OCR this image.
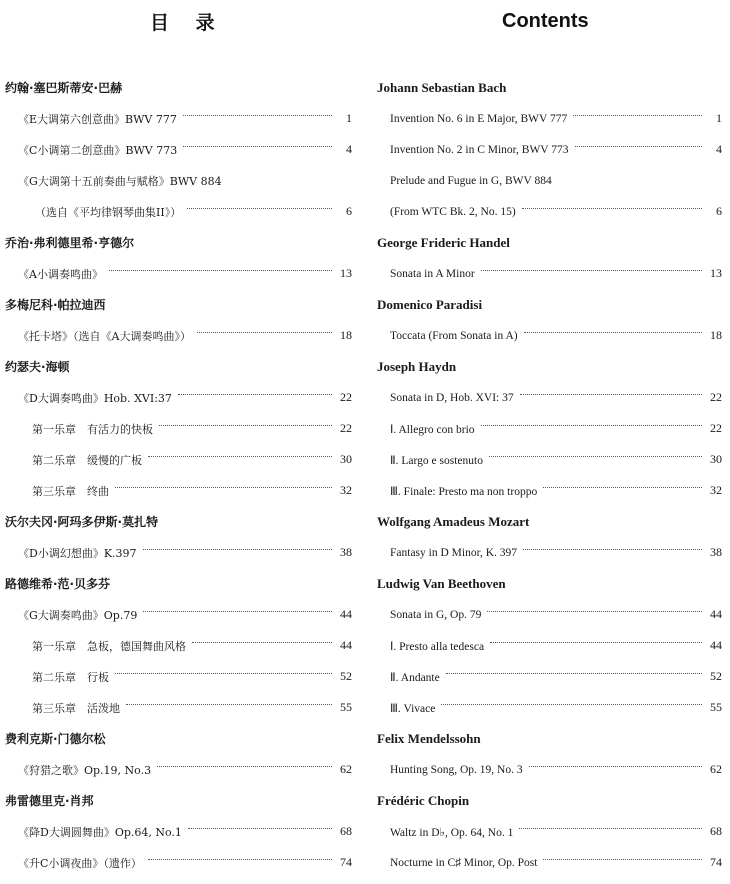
目 录
约翰·塞巴斯蒂安·巴赫
《E大调第六创意曲》BWV 777	1
《C小调第二创意曲》BWV 773	4
《G大调第十五前奏曲与赋格》BWV 884
（选自《平均律钢琴曲集II》）	6
乔治·弗利德里希·亨德尔
《A小调奏鸣曲》	13
多梅尼科·帕拉迪西
《托卡塔》（选自《A大调奏鸣曲》）	18
约瑟夫·海顿
《D大调奏鸣曲》Hob. XVI:37	22
第一乐章　有活力的快板	22
第二乐章　缓慢的广板	30
第三乐章　终曲	32
沃尔夫冈·阿玛多伊斯·莫扎特
《D小调幻想曲》K.397	38
路德维希·范·贝多芬
《G大调奏鸣曲》Op.79	44
第一乐章　急板，德国舞曲风格	44
第二乐章　行板	52
第三乐章　活泼地	55
费利克斯·门德尔松
《狩猎之歌》Op.19, No.3	62
弗雷德里克·肖邦
《降D大调圆舞曲》Op.64, No.1	68
《升C小调夜曲》（遗作）	74
Contents
Johann Sebastian Bach
Invention No. 6 in E Major, BWV 777	1
Invention No. 2 in C Minor, BWV 773	4
Prelude and Fugue in G, BWV 884
(From WTC Bk. 2, No. 15)	6
George Frideric Handel
Sonata in A Minor	13
Domenico Paradisi
Toccata (From Sonata in A)	18
Joseph Haydn
Sonata in D, Hob. XVI: 37	22
Ⅰ. Allegro con brio	22
Ⅱ. Largo e sostenuto	30
Ⅲ. Finale: Presto ma non troppo	32
Wolfgang Amadeus Mozart
Fantasy in D Minor, K. 397	38
Ludwig Van Beethoven
Sonata in G, Op. 79	44
Ⅰ. Presto alla tedesca	44
Ⅱ. Andante	52
Ⅲ. Vivace	55
Felix Mendelssohn
Hunting Song, Op. 19, No. 3	62
Frédéric Chopin
Waltz in D♭, Op. 64, No. 1	68
Nocturne in C♯ Minor, Op. Post	74
